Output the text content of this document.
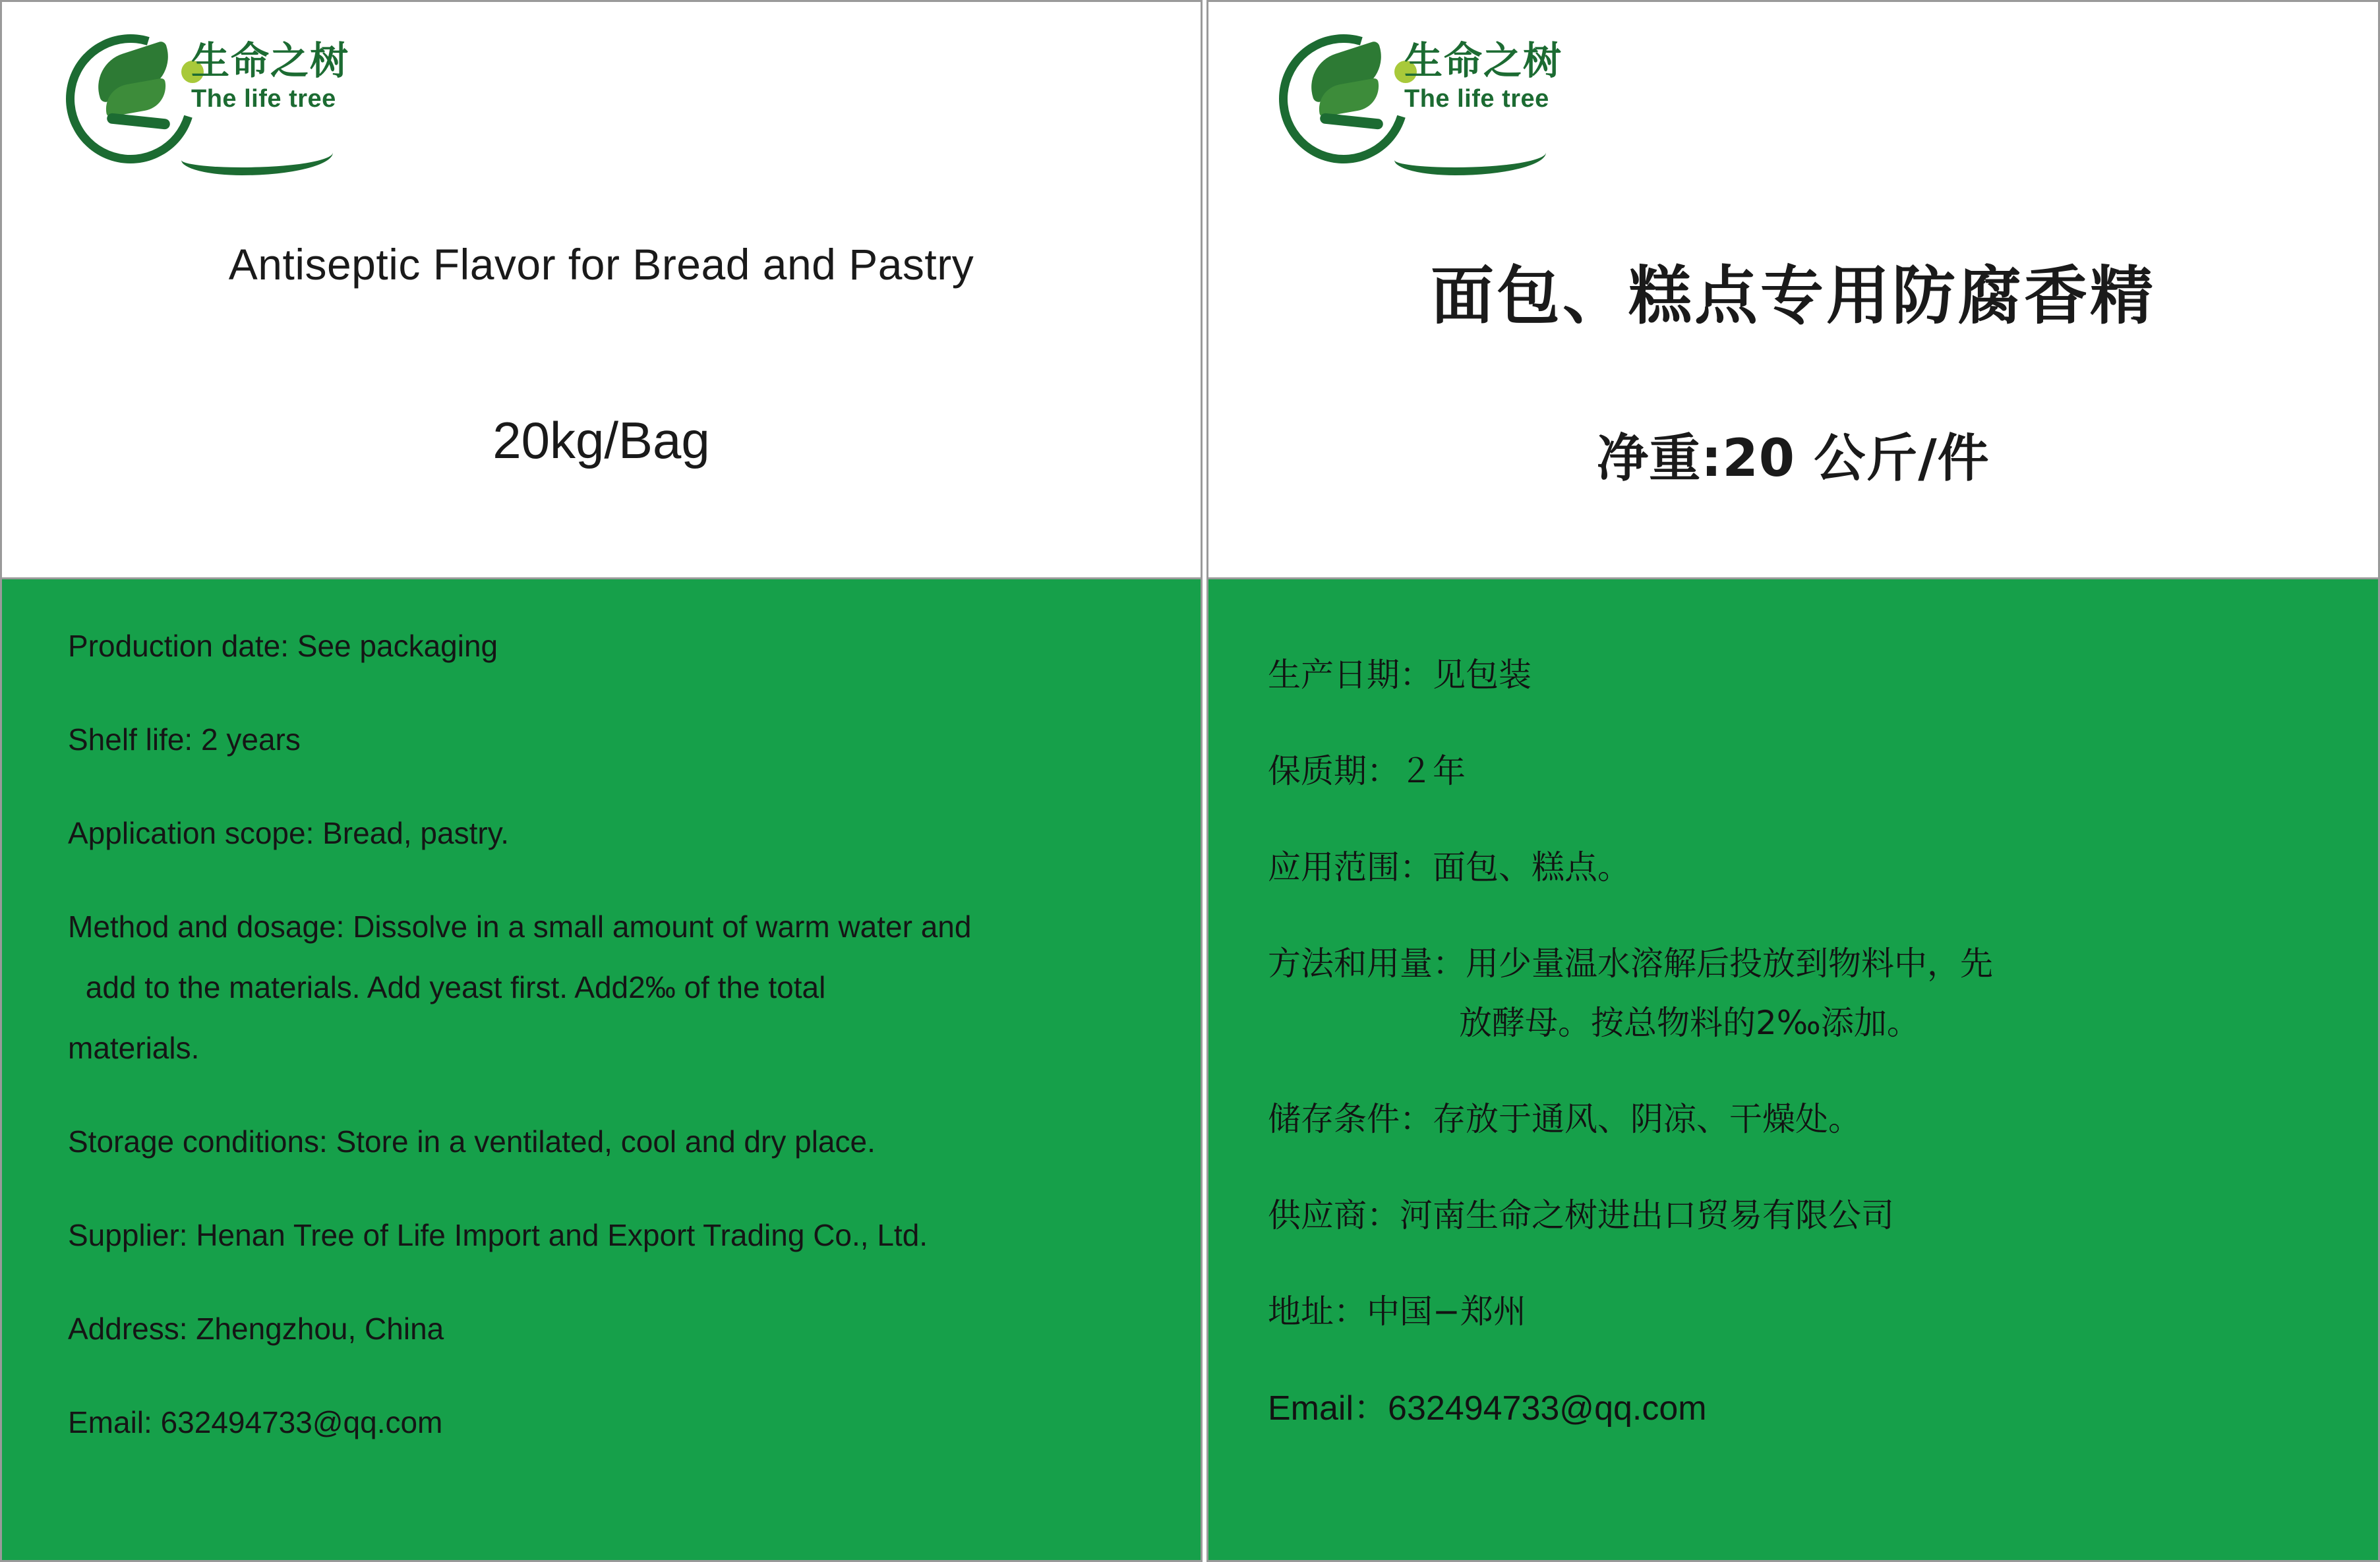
Antiseptic Flavor for Bread and Pastry
20kg/Bag
Production date: See packaging
Shelf life: 2 years
Application scope: Bread, pastry.
Method and dosage: Dissolve in a small amount of warm water and
add to the materials. Add yeast first. Add2‰ of the total
materials.
Storage conditions: Store in a ventilated, cool and dry place.
Supplier: Henan Tree of Life Import and Export Trading Co., Ltd.
Address: Zhengzhou, China
Email: 632494733@qq.com
面包、糕点专用防腐香精
净重:20 公斤/件
生产日期：见包装
保质期：２年
应用范围：面包、糕点。
方法和用量：用少量温水溶解后投放到物料中，先
放酵母。按总物料的2‰添加。
储存条件：存放于通风、阴凉、干燥处。
供应商：河南生命之树进出口贸易有限公司
地址：中国−郑州
Email：632494733@qq.com
生命之树
The life tree
生命之树
The life tree
